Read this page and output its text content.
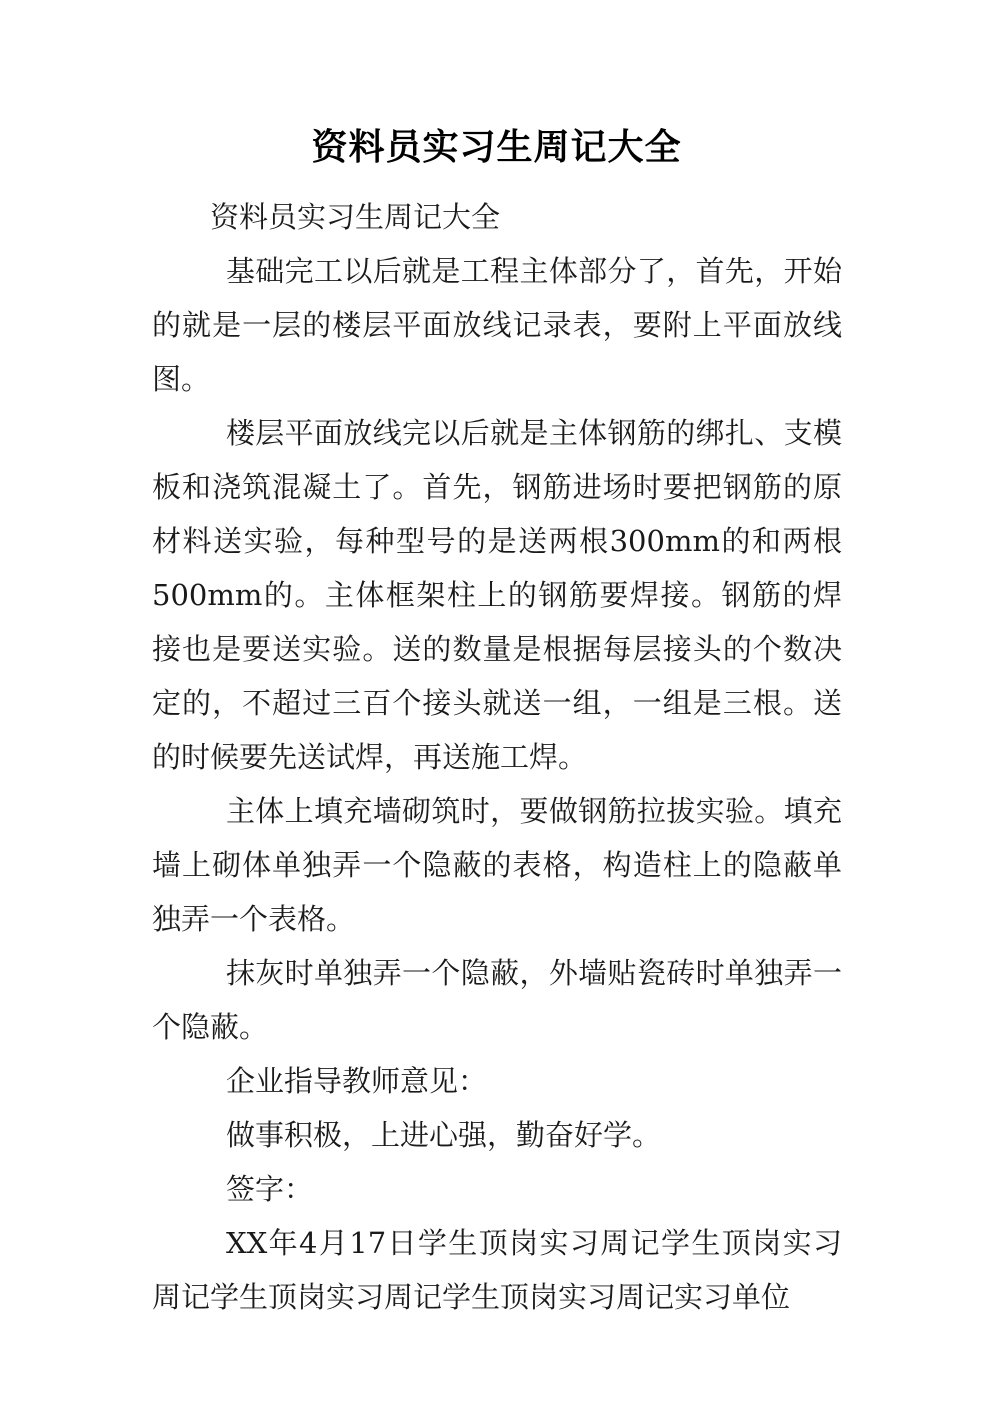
资料员实习生周记大全

资料员实习生周记大全

基础完工以后就是工程主体部分了，首先，开始的就是一层的楼层平面放线记录表，要附上平面放线图。

楼层平面放线完以后就是主体钢筋的绑扎、支模板和浇筑混凝土了。首先，钢筋进场时要把钢筋的原材料送实验，每种型号的是送两根300mm的和两根500mm的。主体框架柱上的钢筋要焊接。钢筋的焊接也是要送实验。送的数量是根据每层接头的个数决定的，不超过三百个接头就送一组，一组是三根。送的时候要先送试焊，再送施工焊。

主体上填充墙砌筑时，要做钢筋拉拔实验。填充墙上砌体单独弄一个隐蔽的表格，构造柱上的隐蔽单独弄一个表格。

抹灰时单独弄一个隐蔽，外墙贴瓷砖时单独弄一个隐蔽。

企业指导教师意见：

做事积极，上进心强，勤奋好学。

签字：

XX年4月17日学生顶岗实习周记学生顶岗实习周记学生顶岗实习周记学生顶岗实习周记实习单位
